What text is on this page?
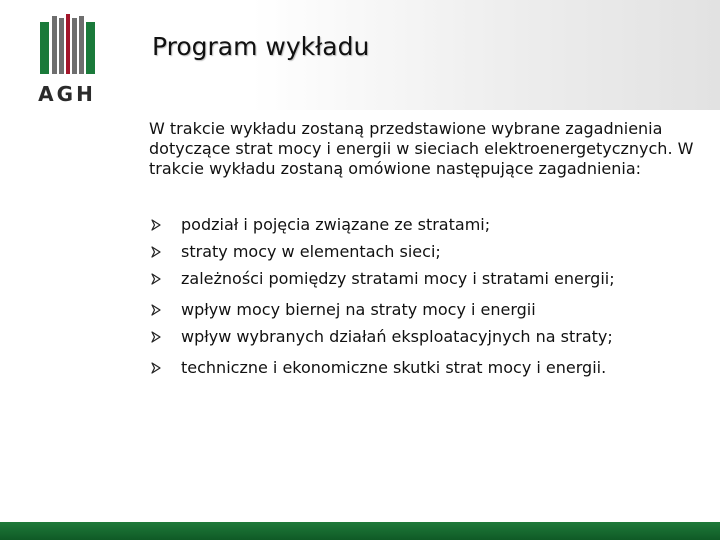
AGH
Program wykładu
W trakcie wykładu zostaną przedstawione wybrane zagadnienia dotyczące strat mocy i energii w sieciach elektroenergetycznych. W trakcie wykładu zostaną omówione następujące zagadnienia:
podział i pojęcia związane ze stratami;
straty mocy w elementach sieci;
zależności pomiędzy stratami mocy i stratami energii;
wpływ mocy biernej na straty mocy i energii
wpływ wybranych działań eksploatacyjnych na straty;
techniczne i ekonomiczne skutki strat mocy i energii.
